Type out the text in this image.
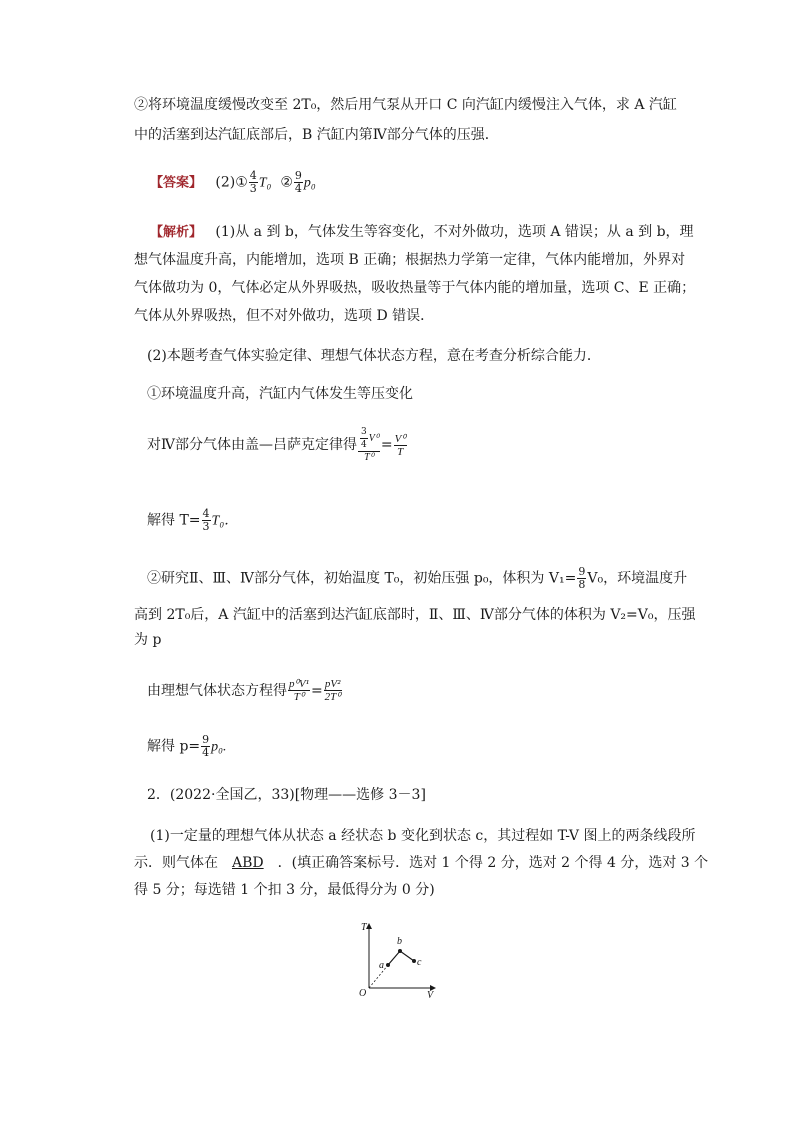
②将环境温度缓慢改变至 2T₀，然后用气泵从开口 C 向汽缸内缓慢注入气体，求 A 汽缸
中的活塞到达汽缸底部后，B 汽缸内第Ⅳ部分气体的压强．
【答案】 (2)① $\frac{4}{3} T_0$ ② $\frac{9}{4} p_0$
【解析】 (1)从 a 到 b，气体发生等容变化，不对外做功，选项 A 错误；从 a 到 b，理
想气体温度升高，内能增加，选项 B 正确；根据热力学第一定律，气体内能增加，外界对
气体做功为 0，气体必定从外界吸热，吸收热量等于气体内能的增加量，选项 C、E 正确；
气体从外界吸热，但不对外做功，选项 D 错误．
(2)本题考查气体实验定律、理想气体状态方程，意在考查分析综合能力．
①环境温度升高，汽缸内气体发生等压变化
对Ⅳ部分气体由盖—吕萨克定律得 $\frac{\frac{3}{4} V^0}{\text{T⁰}} = \frac{\text{V⁰}}{T}$
解得 $T= \frac{4}{3} T_0$．
②研究Ⅱ、Ⅲ、Ⅳ部分气体，初始温度 T₀，初始压强 p₀，体积为 $V_1= \frac{9}{8} V_0$，环境温度升
高到 2T₀后，A 汽缸中的活塞到达汽缸底部时，Ⅱ、Ⅲ、Ⅳ部分气体的体积为 V₂=V₀，压强
为 p
由理想气体状态方程得 $\frac{\text{p⁰V¹}}{\text{T⁰}} = \frac{\text{pV²}}{\text{2T⁰}}$
解得 $p= \frac{9}{4} p_0$.
2．(2022·全国乙，33)[物理——选修 3－3]
(1)一定量的理想气体从状态 a 经状态 b 变化到状态 c，其过程如 T-V 图上的两条线段所
示．则气体在 ABD ．(填正确答案标号．选对 1 个得 2 分，选对 2 个得 4 分，选对 3 个
得 5 分；每选错 1 个扣 3 分，最低得分为 0 分)
T
V
O
a
b
c
